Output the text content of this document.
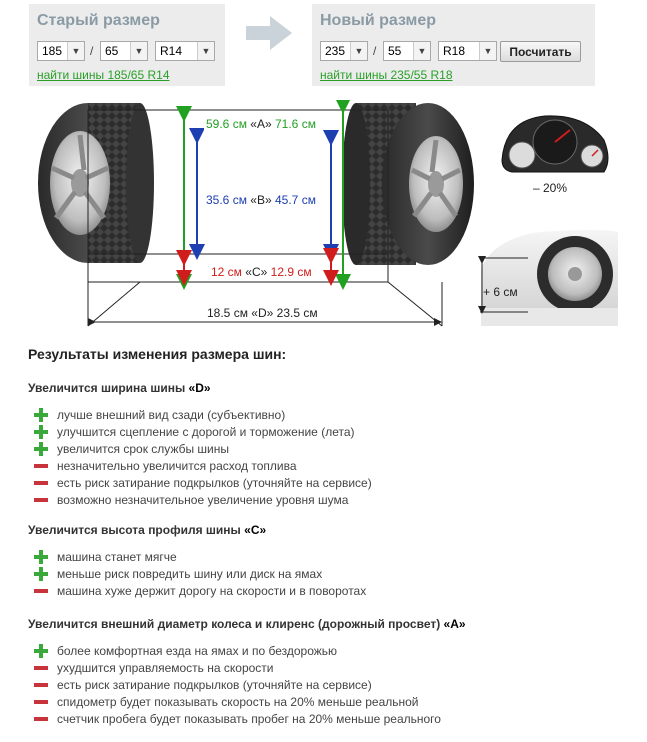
Старый размер
185	▼ / 65	▼	R14	▼
найти шины 185/65 R14
Новый размер
235	▼ / 55	▼	R18	▼	Посчитать
найти шины 235/55 R18
59.6 см «A» 71.6 см
35.6 см «B» 45.7 см
12 см «C» 12.9 см
18.5 см «D» 23.5 см
– 20%
+ 6 см
Результаты изменения размера шин:
Увеличится ширина шины «D»
лучше внешний вид сзади (субъективно)
улучшится сцепление с дорогой и торможение (лета)
увеличится срок службы шины
незначительно увеличится расход топлива
есть риск затирание подкрылков (уточняйте на сервисе)
возможно незначительное увеличение уровня шума
Увеличится высота профиля шины «C»
машина станет мягче
меньше риск повредить шину или диск на ямах
машина хуже держит дорогу на скорости и в поворотах
Увеличится внешний диаметр колеса и клиренс (дорожный просвет) «A»
более комфортная езда на ямах и по бездорожью
ухудшится управляемость на скорости
есть риск затирание подкрылков (уточняйте на сервисе)
спидометр будет показывать скорость на 20% меньше реальной
счетчик пробега будет показывать пробег на 20% меньше реального
